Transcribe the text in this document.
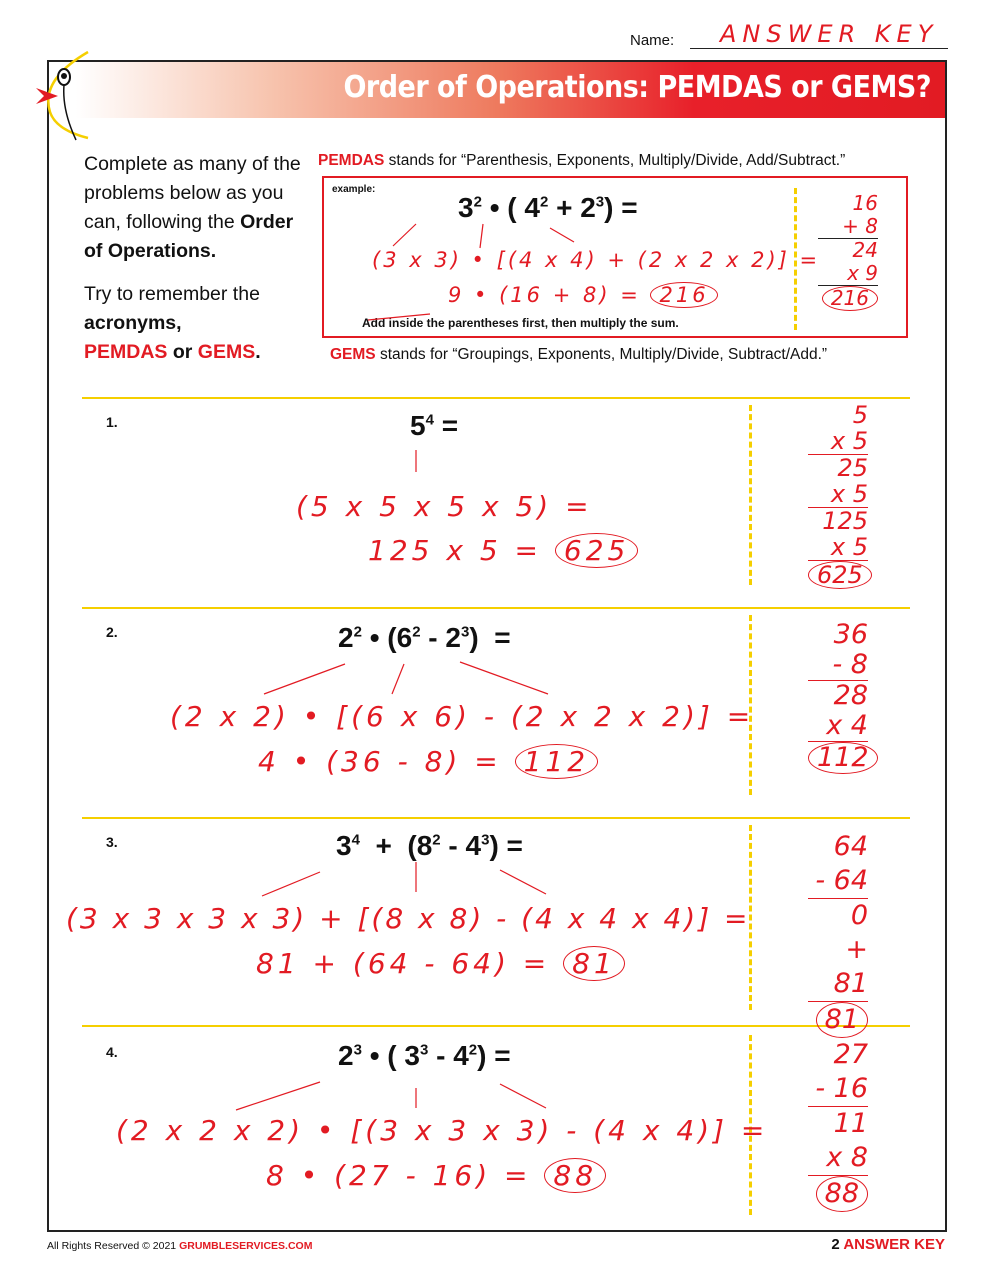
Name: ANSWER KEY
Order of Operations: PEMDAS or GEMS?

Complete as many of the problems below as you can, following the Order of Operations.

Try to remember the acronyms,
PEMDAS or GEMS.

PEMDAS stands for “Parenthesis, Exponents, Multiply/Divide, Add/Subtract.”
example:
$3^2$ • ( $4^2 + 2^3$) =
(3 x 3) • [(4 x 4) + (2 x 2 x 2)] =
9 • (16 + 8) = 216
Add inside the parentheses first, then multiply the sum.
16
+ 8
24
x 9
216
GEMS stands for “Groupings, Exponents, Multiply/Divide, Subtract/Add.”
1.	$5^4$ =
(5 x 5 x 5 x 5) =
125 x 5 = 625
5
x 5
25
x 5
125
x 5
625
2.	$2^2$ • $(6^2 - 2^3)$  =
(2 x 2) • [(6 x 6) - (2 x 2 x 2)] =
4 • (36 - 8) = 112
36
- 8
28
x 4
112
3.	$3^4 + (8^2 - 4^3)$ =
(3 x 3 x 3 x 3) + [(8 x 8) - (4 x 4 x 4)] =
81 + (64 - 64) = 81
64
- 64
0
+ 81
81
4.	$2^3$ • ( $3^3 - 4^2$) =
(2 x 2 x 2) • [(3 x 3 x 3) - (4 x 4)] =
8 • (27 - 16) = 88
27
- 16
11
x 8
88
All Rights Reserved © 2021 GRUMBLESERVICES.COM	2 ANSWER KEY
